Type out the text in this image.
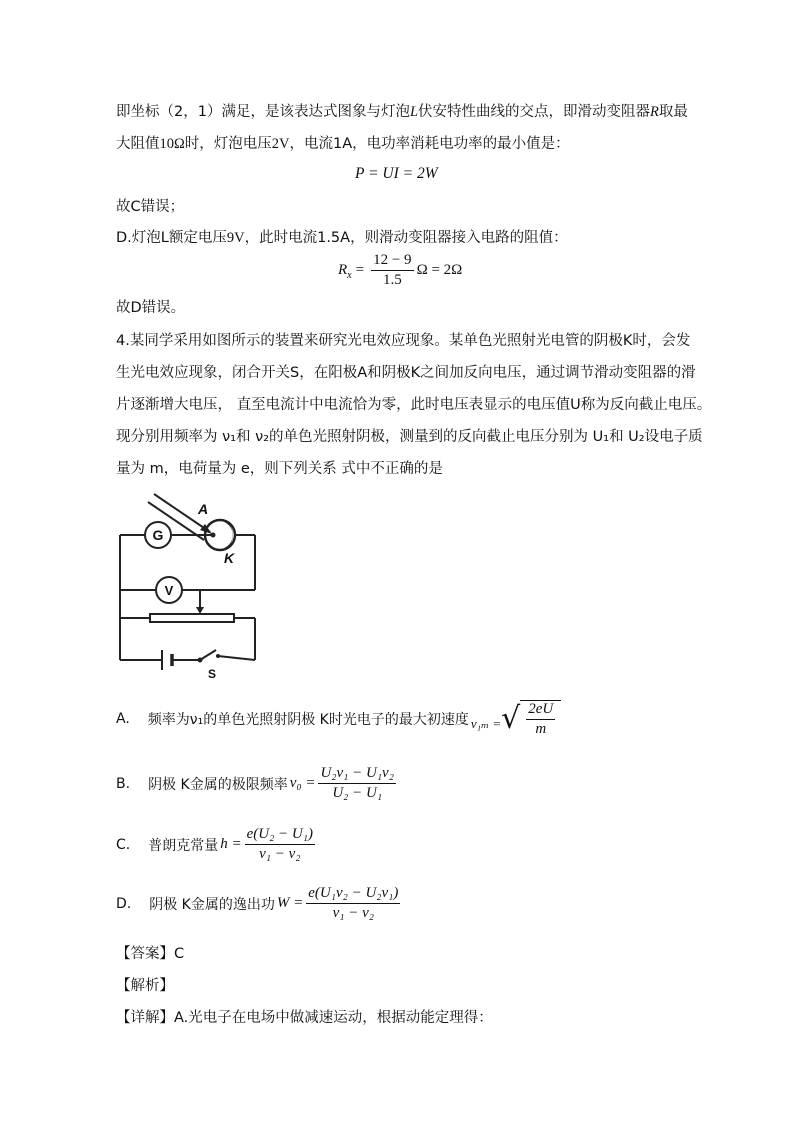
即坐标（2，1）满足，是该表达式图象与灯泡L伏安特性曲线的交点，即滑动变阻器R取最
大阻值10Ω时，灯泡电压2V，电流1A，电功率消耗电功率的最小值是：
P = UI = 2W
故C错误；
D.灯泡L额定电压9V，此时电流1.5A，则滑动变阻器接入电路的阻值：
$R_x = \frac{12 - 9}{1.5}$ Ω = 2Ω
故D错误。
4.某同学采用如图所示的装置来研究光电效应现象。某单色光照射光电管的阴极K时，会发
生光电效应现象，闭合开关S，在阳极A和阴极K之间加反向电压，通过调节滑动变阻器的滑
片逐渐增大电压， 直至电流计中电流恰为零，此时电压表显示的电压值U称为反向截止电压。
现分别用频率为 ν₁和 ν₂的单色光照射阴极，测量到的反向截止电压分别为 U₁和 U₂设电子质
量为 m，电荷量为 e，则下列关系 式中不正确的是
G
A
K
V
S
A. 频率为ν₁的单色光照射阴极 K时光电子的最大初速度 ν₁ₘ = √ $\frac{2eU}{m}$
B. 阴极 K金属的极限频率 $\nu_0 = \frac{\text{U₂ν₁ − U₁ν₂}}{\text{U₂ − U₁}}$
C. 普朗克常量 $h = \frac{\text{e(U₂ − U₁)}}{\text{ν₁ − ν₂}}$
D. 阴极 K金属的逸出功 $W = \frac{\text{e(U₁ν₂ − U₂ν₁)}}{\text{ν₁ − ν₂}}$
【答案】C
【解析】
【详解】A.光电子在电场中做减速运动，根据动能定理得：
